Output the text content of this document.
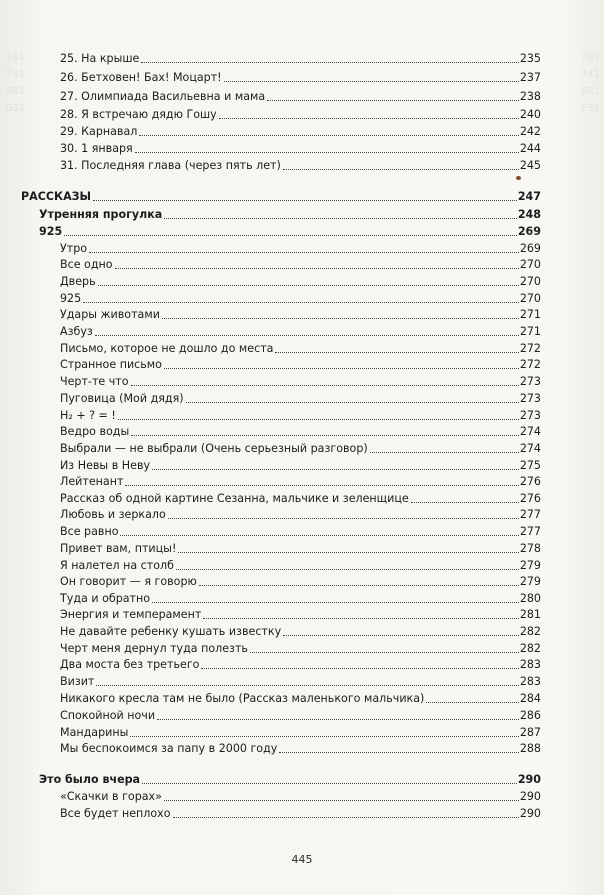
181	281
741	741
881	881
031	031
25. На крыше	235
26. Бетховен! Бах! Моцарт!	237
27. Олимпиада Васильевна и мама	238
28. Я встречаю дядю Гошу	240
29. Карнавал	242
30. 1 января	244
31. Последняя глава (через пять лет)	245
РАССКАЗЫ	247
Утренняя прогулка	248
925	269
Утро	269
Все одно	270
Дверь	270
925	270
Удары животами	271
Азбуз	271
Письмо, которое не дошло до места	272
Странное письмо	272
Черт-те что	273
Пуговица (Мой дядя)	273
Н₂ + ? = !	273
Ведро воды	274
Выбрали — не выбрали (Очень серьезный разговор)	274
Из Невы в Неву	275
Лейтенант	276
Рассказ об одной картине Сезанна, мальчике и зеленщице	276
Любовь и зеркало	277
Все равно	277
Привет вам, птицы!	278
Я налетел на столб	279
Он говорит — я говорю	279
Туда и обратно	280
Энергия и темперамент	281
Не давайте ребенку кушать известку	282
Черт меня дернул туда полезть	282
Два моста без третьего	283
Визит	283
Никакого кресла там не было (Рассказ маленького мальчика)	284
Спокойной ночи	286
Мандарины	287
Мы беспокоимся за папу в 2000 году	288
Это было вчера	290
«Скачки в горах»	290
Все будет неплохо	290
445
